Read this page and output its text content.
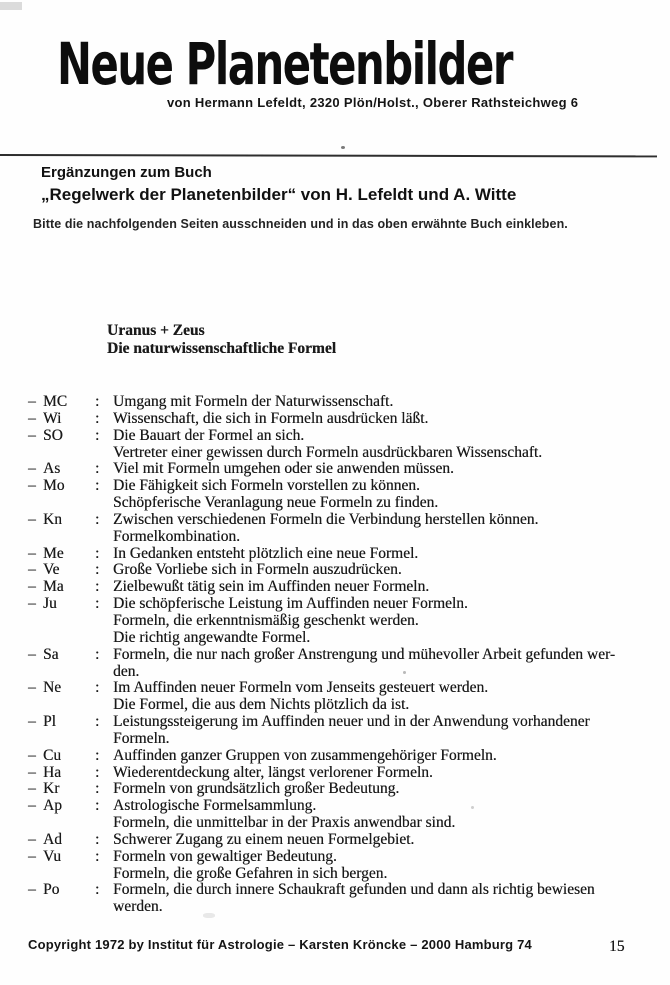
Neue Planetenbilder
von Hermann Lefeldt, 2320 Plön/Holst., Oberer Rathsteichweg 6
Ergänzungen zum Buch
„Regelwerk der Planetenbilder“ von H. Lefeldt und A. Witte
Bitte die nachfolgenden Seiten ausschneiden und in das oben erwähnte Buch einkleben.
Uranus + Zeus
Die naturwissenschaftliche Formel
– MC	: Umgang mit Formeln der Naturwissenschaft.
– Wi	: Wissenschaft, die sich in Formeln ausdrücken läßt.
– SO	: Die Bauart der Formel an sich.
Vertreter einer gewissen durch Formeln ausdrückbaren Wissenschaft.
– As	: Viel mit Formeln umgehen oder sie anwenden müssen.
– Mo	: Die Fähigkeit sich Formeln vorstellen zu können.
Schöpferische Veranlagung neue Formeln zu finden.
– Kn	: Zwischen verschiedenen Formeln die Verbindung herstellen können.
Formelkombination.
– Me	: In Gedanken entsteht plötzlich eine neue Formel.
– Ve	: Große Vorliebe sich in Formeln auszudrücken.
– Ma	: Zielbewußt tätig sein im Auffinden neuer Formeln.
– Ju	: Die schöpferische Leistung im Auffinden neuer Formeln.
Formeln, die erkenntnismäßig geschenkt werden.
Die richtig angewandte Formel.
– Sa	: Formeln, die nur nach großer Anstrengung und mühevoller Arbeit gefunden wer-
den.
– Ne	: Im Auffinden neuer Formeln vom Jenseits gesteuert werden.
Die Formel, die aus dem Nichts plötzlich da ist.
– Pl	: Leistungssteigerung im Auffinden neuer und in der Anwendung vorhandener
Formeln.
– Cu	: Auffinden ganzer Gruppen von zusammengehöriger Formeln.
– Ha	: Wiederentdeckung alter, längst verlorener Formeln.
– Kr	: Formeln von grundsätzlich großer Bedeutung.
– Ap	: Astrologische Formelsammlung.
Formeln, die unmittelbar in der Praxis anwendbar sind.
– Ad	: Schwerer Zugang zu einem neuen Formelgebiet.
– Vu	: Formeln von gewaltiger Bedeutung.
Formeln, die große Gefahren in sich bergen.
– Po	: Formeln, die durch innere Schaukraft gefunden und dann als richtig bewiesen
werden.
Copyright 1972 by Institut für Astrologie – Karsten Kröncke – 2000 Hamburg 74	15
